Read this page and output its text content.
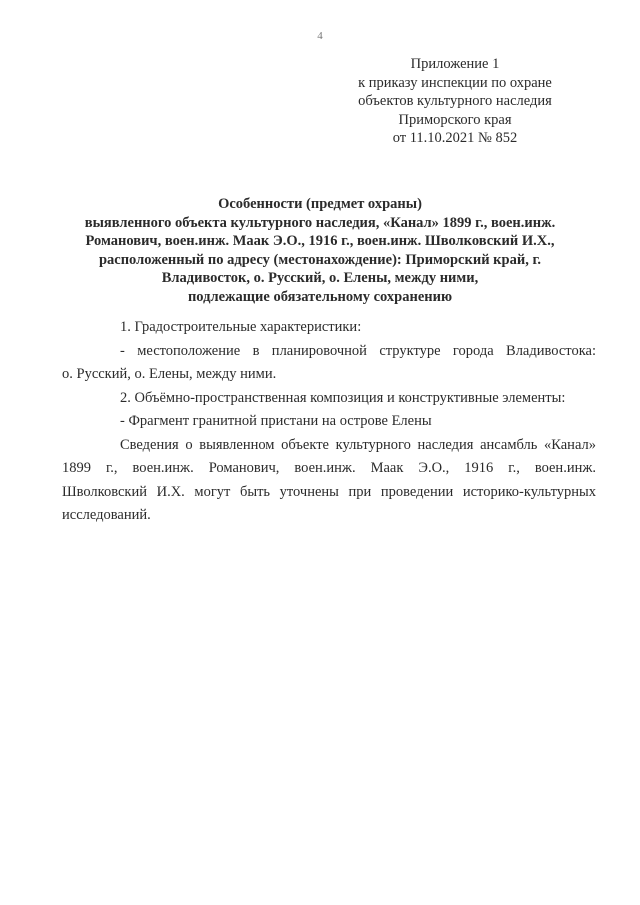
4
Приложение 1
к приказу инспекции по охране
объектов культурного наследия
Приморского края
от 11.10.2021 № 852
Особенности (предмет охраны)
выявленного объекта культурного наследия, «Канал» 1899 г., воен.инж.
Романович, воен.инж. Маак Э.О., 1916 г., воен.инж. Шволковский И.Х.,
расположенный по адресу (местонахождение): Приморский край, г.
Владивосток, о. Русский, о. Елены, между ними,
подлежащие обязательному сохранению
1. Градостроительные характеристики:
- местоположение в планировочной структуре города Владивостока:
о. Русский, о. Елены, между ними.
2. Объёмно-пространственная композиция и конструктивные элементы:
- Фрагмент гранитной пристани на острове Елены
Сведения о выявленном объекте культурного наследия ансамбль «Канал»
1899 г., воен.инж. Романович, воен.инж. Маак Э.О., 1916 г., воен.инж.
Шволковский И.Х. могут быть уточнены при проведении историко-культурных
исследований.
